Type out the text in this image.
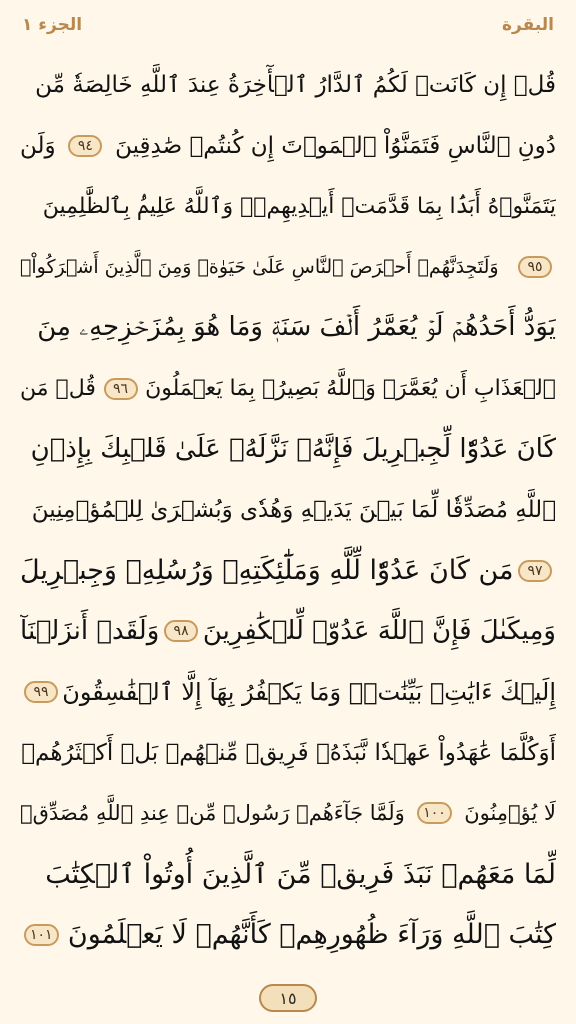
الجزء ١	البقرة
قُلۡ إِن كَانَتۡ لَكُمُ ٱلدَّارُ ٱلۡأٓخِرَةُ عِندَ ٱللَّهِ خَالِصَةٗ مِّن
دُونِ ٱلنَّاسِ فَتَمَنَّوُاْ ٱلۡمَوۡتَ إِن كُنتُمۡ صَٰدِقِينَ
٩٤
وَلَن
يَتَمَنَّوۡهُ أَبَدَۢا بِمَا قَدَّمَتۡ أَيۡدِيهِمۡۚ وَٱللَّهُ عَلِيمُۢ بِٱلظَّٰلِمِينَ
٩٥
وَلَتَجِدَنَّهُمۡ أَحۡرَصَ ٱلنَّاسِ عَلَىٰ حَيَوٰةٖ وَمِنَ ٱلَّذِينَ أَشۡرَكُواْۚ
يَوَدُّ أَحَدُهُمۡ لَوۡ يُعَمَّرُ أَلۡفَ سَنَةٖ وَمَا هُوَ بِمُزَحۡزِحِهِۦ مِنَ
ٱلۡعَذَابِ أَن يُعَمَّرَۗ وَٱللَّهُ بَصِيرُۢ بِمَا يَعۡمَلُونَ
٩٦
قُلۡ مَن
كَانَ عَدُوّٗا لِّجِبۡرِيلَ فَإِنَّهُۥ نَزَّلَهُۥ عَلَىٰ قَلۡبِكَ بِإِذۡنِ
ٱللَّهِ مُصَدِّقٗا لِّمَا بَيۡنَ يَدَيۡهِ وَهُدٗى وَبُشۡرَىٰ لِلۡمُؤۡمِنِينَ
٩٧
مَن كَانَ عَدُوّٗا لِّلَّهِ وَمَلَٰٓئِكَتِهِۦ وَرُسُلِهِۦ وَجِبۡرِيلَ
وَمِيكَىٰلَ فَإِنَّ ٱللَّهَ عَدُوّٞ لِّلۡكَٰفِرِينَ
٩٨
وَلَقَدۡ أَنزَلۡنَآ
إِلَيۡكَ ءَايَٰتِۭ بَيِّنَٰتٖۖ وَمَا يَكۡفُرُ بِهَآ إِلَّا ٱلۡفَٰسِقُونَ
٩٩
أَوَكُلَّمَا عَٰهَدُواْ عَهۡدٗا نَّبَذَهُۥ فَرِيقٞ مِّنۡهُمۚ بَلۡ أَكۡثَرُهُمۡ
لَا يُؤۡمِنُونَ
١٠٠
وَلَمَّا جَآءَهُمۡ رَسُولٞ مِّنۡ عِندِ ٱللَّهِ مُصَدِّقٞ
لِّمَا مَعَهُمۡ نَبَذَ فَرِيقٞ مِّنَ ٱلَّذِينَ أُوتُواْ ٱلۡكِتَٰبَ
كِتَٰبَ ٱللَّهِ وَرَآءَ ظُهُورِهِمۡ كَأَنَّهُمۡ لَا يَعۡلَمُونَ
١٠١
١٥
